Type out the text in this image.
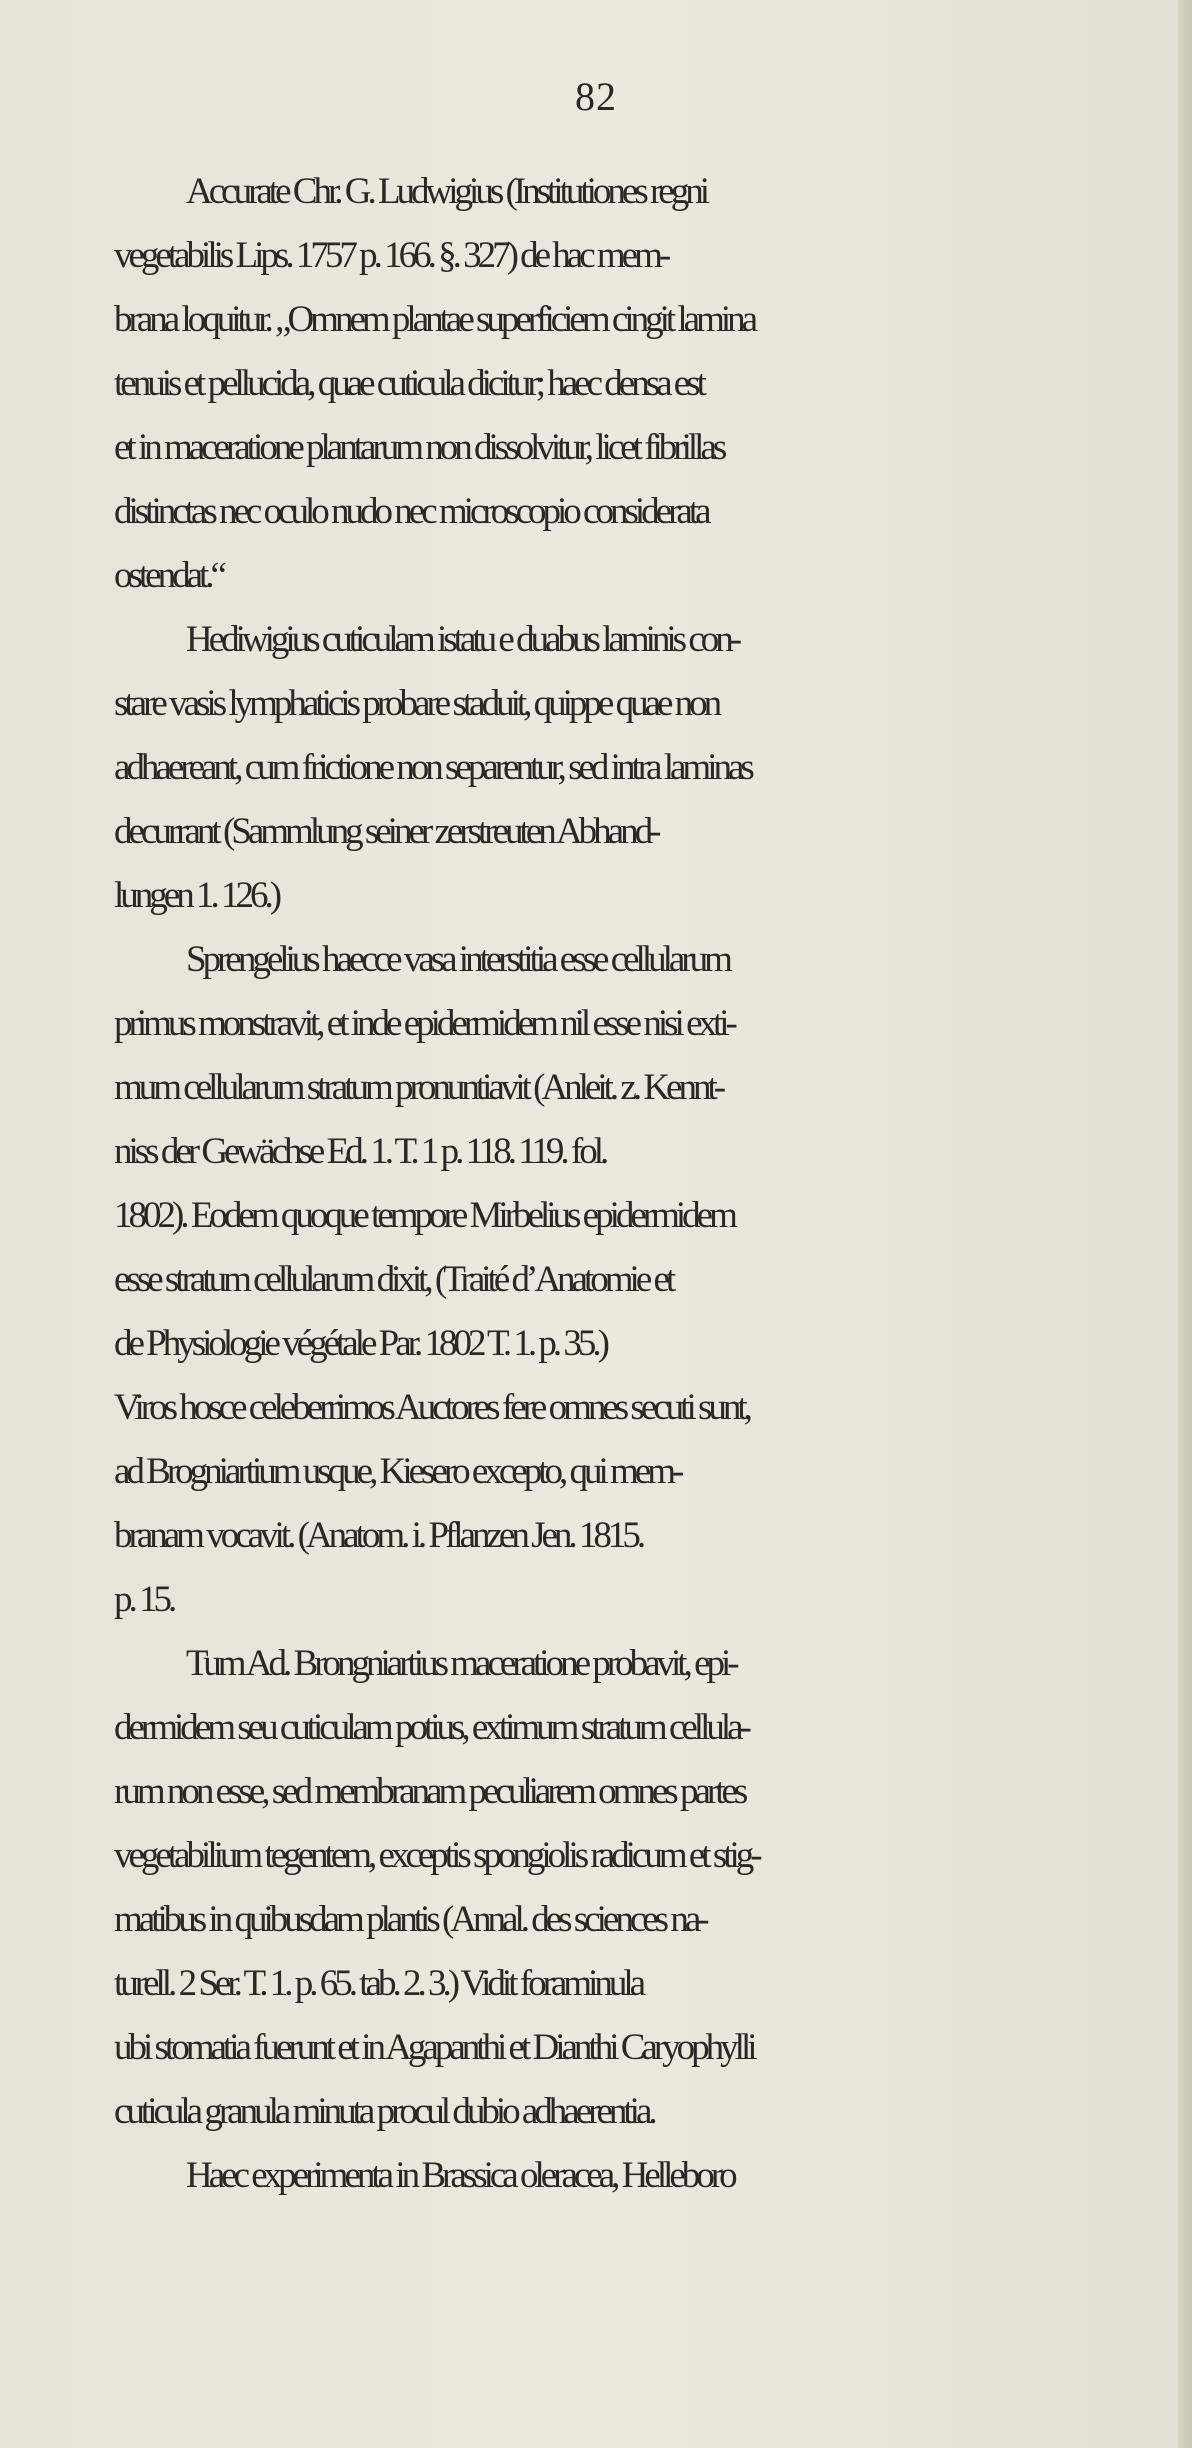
82
Accurate Chr. G. Ludwigius (Institutiones regni
vegetabilis Lips. 1757 p. 166. §. 327) de hac mem-
brana loquitur. „Omnem plantae superficiem cingit lamina
tenuis et pellucida, quae cuticula dicitur; haec densa est
et in maceratione plantarum non dissolvitur, licet fibrillas
distinctas nec oculo nudo nec microscopio considerata
ostendat.“
Hediwigius cuticulam istatu e duabus laminis con-
stare vasis lymphaticis probare staduit, quippe quae non
adhaereant, cum frictione non separentur, sed intra laminas
decurrant (Sammlung seiner zerstreuten Abhand-
lungen 1. 126.)
Sprengelius haecce vasa interstitia esse cellularum
primus monstravit, et inde epidermidem nil esse nisi exti-
mum cellularum stratum pronuntiavit (Anleit. z. Kennt-
niss der Gewächse Ed. 1. T. 1 p. 118. 119. fol.
1802). Eodem quoque tempore Mirbelius epidermidem
esse stratum cellularum dixit, (Traité d’Anatomie et
de Physiologie végétale Par. 1802 T. 1. p. 35.)
Viros hosce celeberrimos Auctores fere omnes secuti sunt,
ad Brogniartium usque, Kiesero excepto, qui mem-
branam vocavit. (Anatom. i. Pflanzen Jen. 1815.
p. 15.
Tum Ad. Brongniartius maceratione probavit, epi-
dermidem seu cuticulam potius, extimum stratum cellula-
rum non esse, sed membranam peculiarem omnes partes
vegetabilium tegentem, exceptis spongiolis radicum et stig-
matibus in quibusdam plantis (Annal. des sciences na-
turell. 2 Ser. T. 1. p. 65. tab. 2. 3.) Vidit foraminula
ubi stomatia fuerunt et in Agapanthi et Dianthi Caryophylli
cuticula granula minuta procul dubio adhaerentia.
Haec experimenta in Brassica oleracea, Helleboro
